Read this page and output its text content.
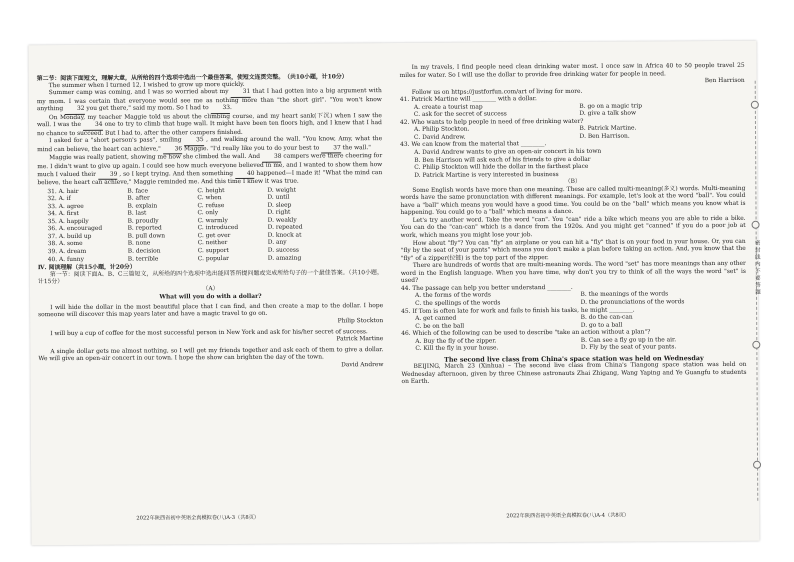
第二节：阅读下面短文，理解大意，从所给的四个选项中选出一个最佳答案，使短文连贯完整。（共10小题，计10分）

The summer when I turned 12, I wished to grow up more quickly.

Summer camp was coming, and I was so worried about my 31 that I had gotten into a big argument with my mom. I was certain that everyone would see me as nothing more than "the short girl". "You won't know anything 32 you get there," said my mom. So I had to 33.

On Monday, my teacher Maggie told us about the climbing course, and my heart sank(下沉) when I saw the wall. I was the 34 one to try to climb that huge wall. It might have been ten floors high, and I knew that I had no chance to succeed. But I had to, after the other campers finished.

I asked for a "short person's pass", smiling 35 , and walking around the wall. "You know, Amy, what the mind can believe, the heart can achieve," 36 Maggie. "I'd really like you to do your best to 37 the wall."

Maggie was really patient, showing me how she climbed the wall. And 38 campers were there cheering for me. I didn't want to give up again. I could see how much everyone believed in me, and I wanted to show them how much I valued their 39 , so I kept trying. And then something 40 happened—I made it! "What the mind can believe, the heart can achieve," Maggie reminded me. And this time I knew it was true.

31. A. hair	B. face	C. height	D. weight
32. A. if	B. after	C. when	D. until
33. A. agree	B. explain	C. refuse	D. sleep
34. A. first	B. last	C. only	D. right
35. A. happily	B. proudly	C. warmly	D. weakly
36. A. encouraged	B. reported	C. introduced	D. repeated
37. A. build up	B. pull down	C. get over	D. knock at
38. A. some	B. none	C. neither	D. any
39. A. dream	B. decision	C. support	D. success
40. A. funny	B. terrible	C. popular	D. amazing

Ⅳ. 阅读理解（共15小题，计20分）

第一节：阅读下面A、B、C三篇短文，从所给的四个选项中选出能回答所提问题或完成所给句子的一个最佳答案。（共10小题，计15分）

（A）

What will you do with a dollar?

I will hide the dollar in the most beautiful place that I can find, and then create a map to the dollar. I hope someone will discover this map years later and have a magic travel to go on.

Philip Stockton

I will buy a cup of coffee for the most successful person in New York and ask for his/her secret of success.

Patrick Martine

A single dollar gets me almost nothing, so I will get my friends together and ask each of them to give a dollar. We will give an open-air concert in our town. I hope the show can brighten the day of the town.

David Andrew

2022年陕西省初中英语全真模拟卷(八)A-3（共8页）

In my travels, I find people need clean drinking water most. I once saw in Africa 40 to 50 people travel 25 miles for water. So I will use the dollar to provide free drinking water for people in need.

Ben Harrison

Follow us on https://justforfun.com/art of living for more.

41. Patrick Martine will ________ with a dollar.

A. create a tourist map	B. go on a magic trip
C. ask for the secret of success	D. give a talk show

42. Who wants to help people in need of free drinking water?

A. Philip Stockton.	B. Patrick Martine.
C. David Andrew.	D. Ben Harrison.

43. We can know from the material that ________.

A. David Andrew wants to give an open-air concert in his town
B. Ben Harrison will ask each of his friends to give a dollar
C. Philip Stockton will hide the dollar in the farthest place
D. Patrick Martine is very interested in business

（B）

Some English words have more than one meaning. These are called multi-meaning(多义) words. Multi-meaning words have the same pronunciation with different meanings. For example, let's look at the word "ball". You could have a "ball" which means you would have a good time. You could be on the "ball" which means you know what is happening. You could go to a "ball" which means a dance.

Let's try another word. Take the word "can". You "can" ride a bike which means you are able to ride a bike. You can do the "can-can" which is a dance from the 1920s. And you might get "canned" if you do a poor job at work, which means you might lose your job.

How about "fly"? You can "fly" an airplane or you can hit a "fly" that is on your food in your house. Or, you can "fly by the seat of your pants" which means you don't make a plan before taking an action. And, you know that the "fly" of a zipper(拉链) is the top part of the zipper.

There are hundreds of words that are multi-meaning words. The word "set" has more meanings than any other word in the English language. When you have time, why don't you try to think of all the ways the word "set" is used?

44. The passage can help you better understand ________.

A. the forms of the words	B. the meanings of the words
C. the spellings of the words	D. the pronunciations of the words

45. If Tom is often late for work and fails to finish his tasks, he might ________.

A. get canned	B. do the can-can
C. be on the ball	D. go to a ball

46. Which of the following can be used to describe "take an action without a plan"?

A. Buy the fly of the zipper.	B. Can see a fly go up in the air.
C. Kill the fly in your house.	D. Fly by the seat of your pants.

The second live class from China's space station was held on Wednesday

BEIJING, March 23 (Xinhua) – The second live class from China's Tiangong space station was held on Wednesday afternoon, given by three Chinese astronauts Zhai Zhigang, Wang Yaping and Ye Guangfu to students on Earth.

2022年陕西省初中英语全真模拟卷(八)A-4（共8页）
密
封
线
内
不
要
答
题
